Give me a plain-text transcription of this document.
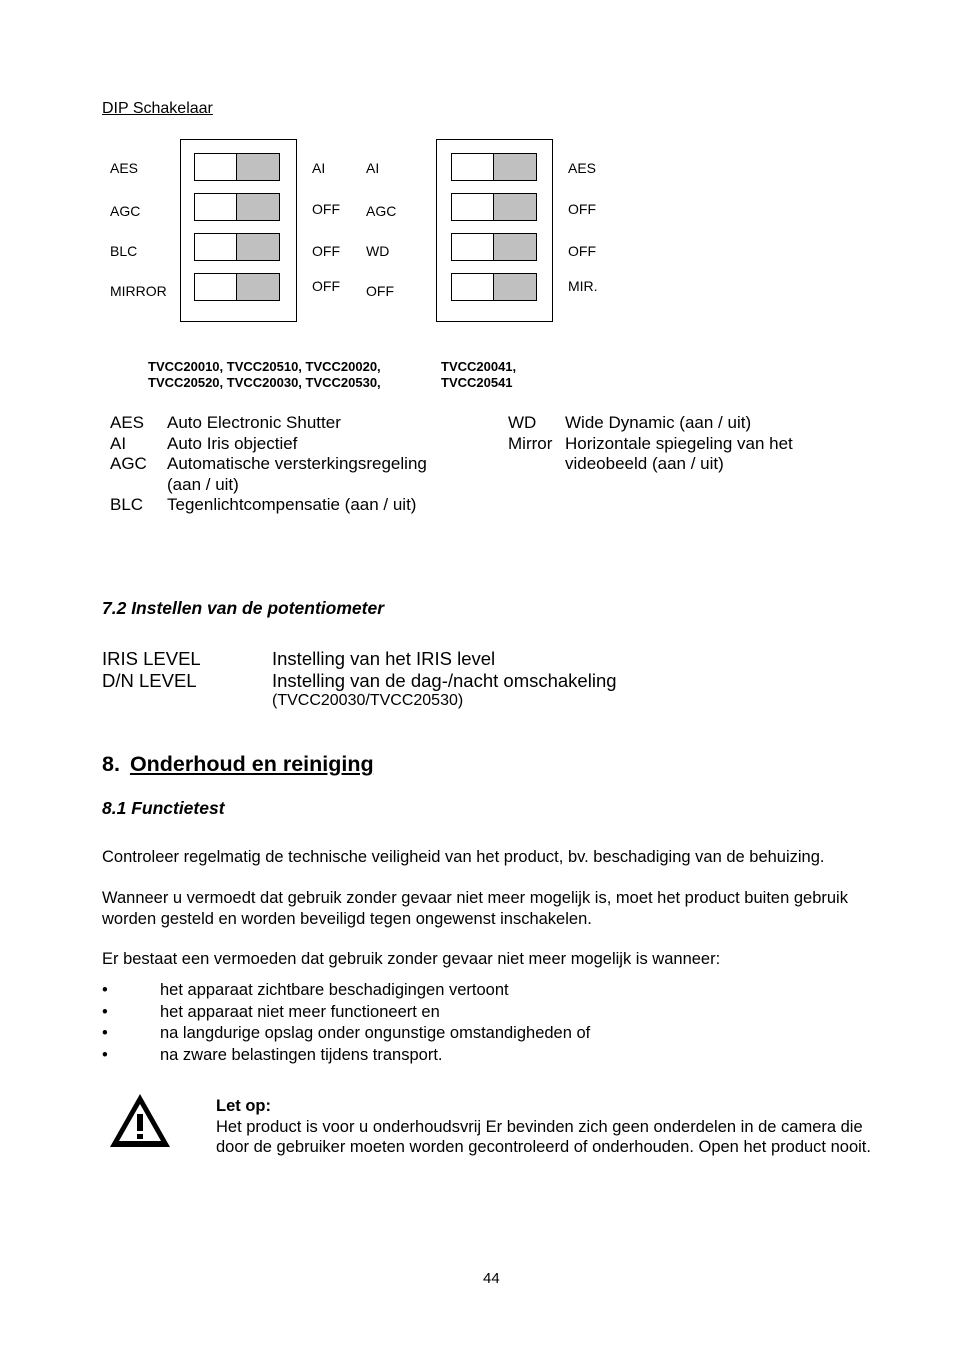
DIP Schakelaar
AES
AGC
BLC
MIRROR
AI
OFF
OFF
OFF
AI
AGC
WD
OFF
AES
OFF
OFF
MIR.
TVCC20010, TVCC20510, TVCC20020,
TVCC20520, TVCC20030, TVCC20530,
TVCC20041,
TVCC20541
AES	Auto Electronic Shutter
AI	Auto Iris objectief
AGC	Automatische versterkingsregeling
	(aan / uit)
BLC	Tegenlichtcompensatie (aan / uit)
WD	Wide Dynamic (aan / uit)
Mirror	Horizontale spiegeling van het
	videobeeld (aan / uit)
7.2 Instellen van de potentiometer
IRIS LEVEL	Instelling van het IRIS level
D/N LEVEL	Instelling van de dag-/nacht omschakeling
(TVCC20030/TVCC20530)
8. Onderhoud en reiniging
8.1 Functietest
Controleer regelmatig de technische veiligheid van het product, bv. beschadiging van de behuizing.
Wanneer u vermoedt dat gebruik zonder gevaar niet meer mogelijk is, moet het product buiten gebruik worden gesteld en worden beveiligd tegen ongewenst inschakelen.
Er bestaat een vermoeden dat gebruik zonder gevaar niet meer mogelijk is wanneer:
•	het apparaat zichtbare beschadigingen vertoont
•	het apparaat niet meer functioneert en
•	na langdurige opslag onder ongunstige omstandigheden of
•	na zware belastingen tijdens transport.
Let op:
Het product is voor u onderhoudsvrij Er bevinden zich geen onderdelen in de camera die door de gebruiker moeten worden gecontroleerd of onderhouden. Open het product nooit.
44
